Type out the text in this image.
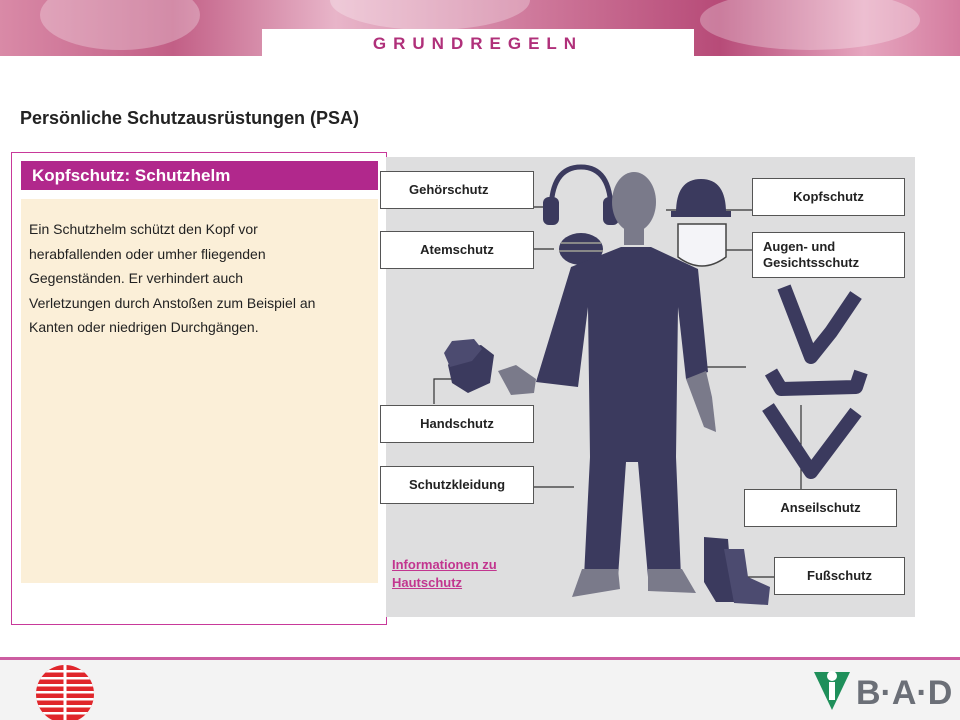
GRUNDREGELN
Persönliche Schutzausrüstungen (PSA)
Kopfschutz: Schutzhelm
Ein Schutzhelm schützt den Kopf vor
herabfallenden oder umher fliegenden
Gegenständen. Er verhindert auch
Verletzungen durch Anstoßen zum Beispiel an
Kanten oder niedrigen Durchgängen.
Gehörschutz
Atemschutz
Handschutz
Schutzkleidung
Kopfschutz
Augen- und
Gesichtsschutz
Anseilschutz
Fußschutz
Informationen zu
Hautschutz
B·A·D
